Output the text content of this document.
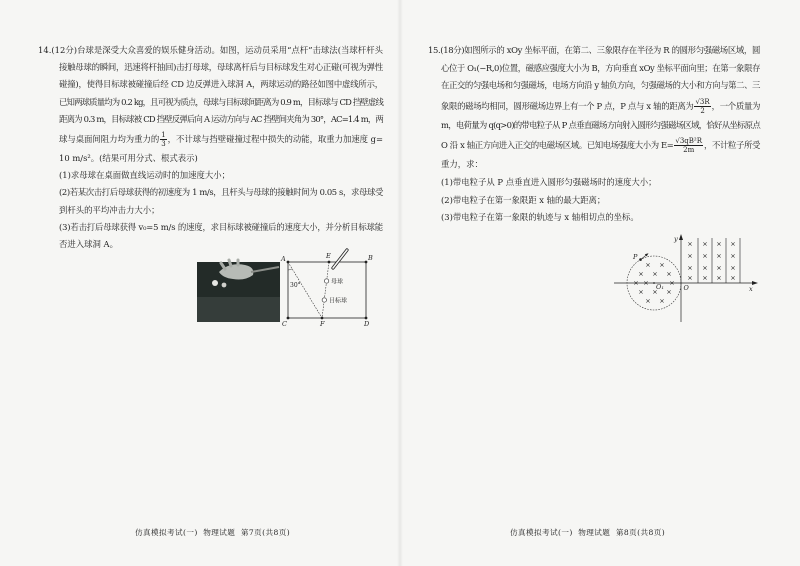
14.(12分)台球是深受大众喜爱的娱乐健身活动。如图，运动员采用“点杆”击球法(当球杆杆头
接触母球的瞬间，迅速将杆抽回)击打母球，母球离杆后与目标球发生对心正碰(可视为弹性
碰撞)，使得目标球被碰撞后经 CD 边反弹进入球洞 A，两球运动的路径如图中虚线所示，
已知两球质量均为 0.2 kg，且可视为质点，母球与目标球间距离为 0.9 m，目标球与 CD 挡壁虚线
距离为 0.3 m，目标球被 CD 挡壁反弹后向 A 运动方向与 AC 挡壁间夹角为 30°，AC=1.4 m，两
球与桌面间阻力均为重力的 $\frac{1}{3}$ ，不计球与挡壁碰撞过程中损失的动能，取重力加速度 g=
10 m/s²。(结果可用分式、根式表示)
(1)求母球在桌面做直线运动时的加速度大小；
(2)若某次击打后母球获得的初速度为 1 m/s，且杆头与母球的接触时间为 0.05 s，求母球受
到杆头的平均冲击力大小；
(3)若击打后母球获得 v₀=5 m/s 的速度，求目标球被碰撞后的速度大小，并分析目标球能
否进入球洞 A。
A	E	B
C	F	D
30°	母球
目标球
仿真模拟考试(一)  物理试题  第7页(共8页)
15.(18分)如图所示的 xOy 坐标平面，在第二、三象限存在半径为 R 的圆形匀强磁场区域，圆
心位于 O₁(−R,0)位置，磁感应强度大小为 B，方向垂直 xOy 坐标平面向里；在第一象限存
在正交的匀强电场和匀强磁场，电场方向沿 y 轴负方向，匀强磁场的大小和方向与第二、三
象限的磁场均相同，圆形磁场边界上有一个 P 点，P 点与 x 轴的距离为 $\frac{√3R}{2}$ ，一个质量为
m，电荷量为 q(q>0)的带电粒子从 P 点垂直磁场方向射入圆形匀强磁场区域，恰好从坐标原点
O 沿 x 轴正方向进入正交的电磁场区域。已知电场强度大小为 $E= \frac{\text{√3qB²R}}{2m}$ ，不计粒子所受
重力，求：
(1)带电粒子从 P 点垂直进入圆形匀强磁场时的速度大小；
(2)带电粒子在第一象限距 x 轴的最大距离；
(3)带电粒子在第一象限的轨迹与 x 轴相切点的坐标。
× ×
× × ×
× ×	×
× × ×
× ×
× × × ×
× × × ×
× × × ×
× × × ×
P
O₁	O	x
y
仿真模拟考试(一)  物理试题  第8页(共8页)
